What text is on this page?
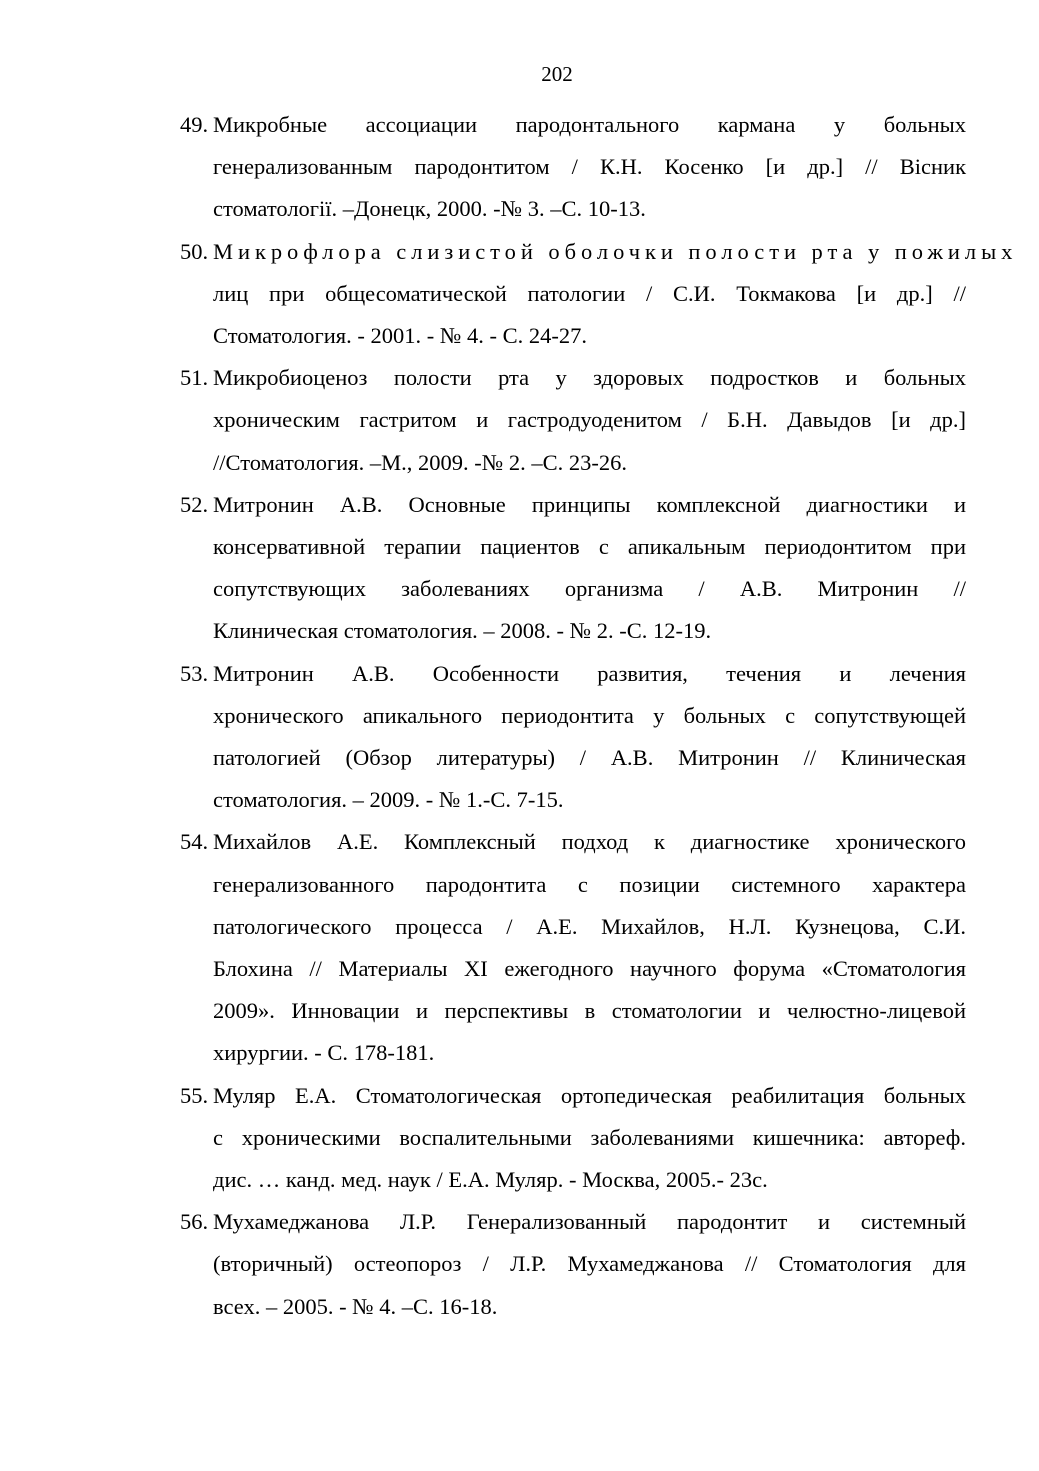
202
49. Микробные ассоциации пародонтального кармана у больных
генерализованным пародонтитом / К.Н. Косенко [и др.] // Вісник
стоматології. –Донецк, 2000. -№ 3. –С. 10-13.
50. Микрофлора слизистой оболочки полости рта у пожилых
лиц при общесоматической патологии / С.И. Токмакова [и др.] //
Стоматология. - 2001. - № 4. - С. 24-27.
51. Микробиоценоз полости рта у здоровых подростков и больных
хроническим гастритом и гастродуоденитом / Б.Н. Давыдов [и др.]
//Стоматология. –М., 2009. -№ 2. –С. 23-26.
52. Митронин А.В. Основные принципы комплексной диагностики и
консервативной терапии пациентов с апикальным периодонтитом при
сопутствующих заболеваниях организма / А.В. Митронин //
Клиническая стоматология. – 2008. - № 2. -С. 12-19.
53. Митронин А.В. Особенности развития, течения и лечения
хронического апикального периодонтита у больных с сопутствующей
патологией (Обзор литературы) / А.В. Митронин // Клиническая
стоматология. – 2009. - № 1.-С. 7-15.
54. Михайлов А.Е. Комплексный подход к диагностике хронического
генерализованного пародонтита с позиции системного характера
патологического процесса / А.Е. Михайлов, Н.Л. Кузнецова, С.И.
Блохина // Материалы XI ежегодного научного форума «Стоматология
2009». Инновации и перспективы в стоматологии и челюстно-лицевой
хирургии. - С. 178-181.
55. Муляр Е.А. Стоматологическая ортопедическая реабилитация больных
с хроническими воспалительными заболеваниями кишечника: автореф.
дис. … канд. мед. наук / Е.А. Муляр. - Москва, 2005.- 23с.
56. Мухамеджанова Л.Р. Генерализованный пародонтит и системный
(вторичный) остеопороз / Л.Р. Мухамеджанова // Стоматология для
всех. – 2005. - № 4. –С. 16-18.
